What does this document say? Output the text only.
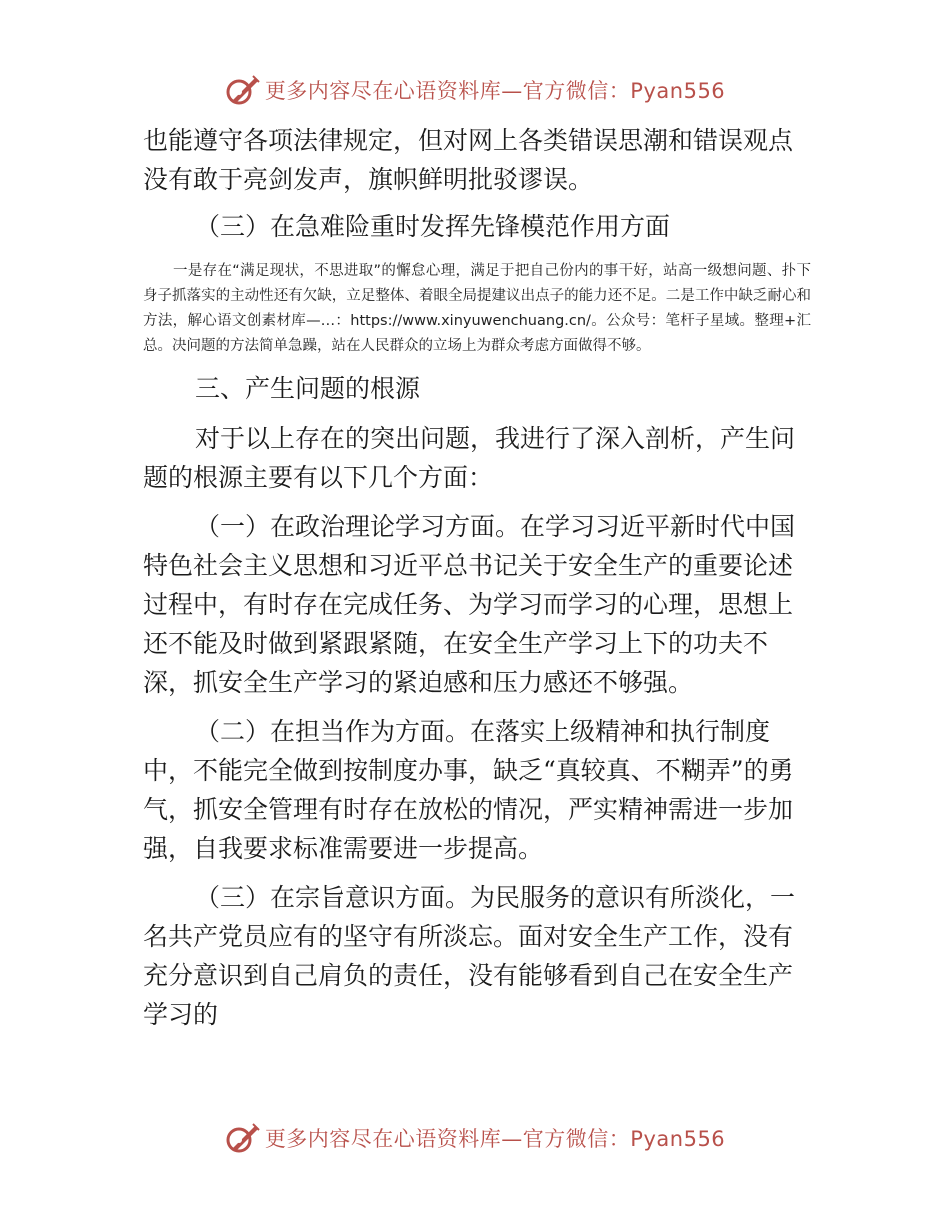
更多内容尽在心语资料库—官方微信：Pyan556

也能遵守各项法律规定，但对网上各类错误思潮和错误观点没有敢于亮剑发声，旗帜鲜明批驳谬误。

（三）在急难险重时发挥先锋模范作用方面

一是存在“满足现状，不思进取”的懈怠心理，满足于把自己份内的事干好，站高一级想问题、扑下身子抓落实的主动性还有欠缺，立足整体、着眼全局提建议出点子的能力还不足。二是工作中缺乏耐心和方法，解心语文创素材库—…：https://www.xinyuwenchuang.cn/。公众号：笔杆子星域。整理+汇总。决问题的方法简单急躁，站在人民群众的立场上为群众考虑方面做得不够。

三、产生问题的根源

对于以上存在的突出问题，我进行了深入剖析，产生问题的根源主要有以下几个方面：

（一）在政治理论学习方面。在学习习近平新时代中国特色社会主义思想和习近平总书记关于安全生产的重要论述过程中，有时存在完成任务、为学习而学习的心理，思想上还不能及时做到紧跟紧随，在安全生产学习上下的功夫不深，抓安全生产学习的紧迫感和压力感还不够强。

（二）在担当作为方面。在落实上级精神和执行制度中，不能完全做到按制度办事，缺乏“真较真、不糊弄”的勇气，抓安全管理有时存在放松的情况，严实精神需进一步加强，自我要求标准需要进一步提高。

（三）在宗旨意识方面。为民服务的意识有所淡化，一名共产党员应有的坚守有所淡忘。面对安全生产工作，没有充分意识到自己肩负的责任，没有能够看到自己在安全生产学习的

更多内容尽在心语资料库—官方微信：Pyan556
